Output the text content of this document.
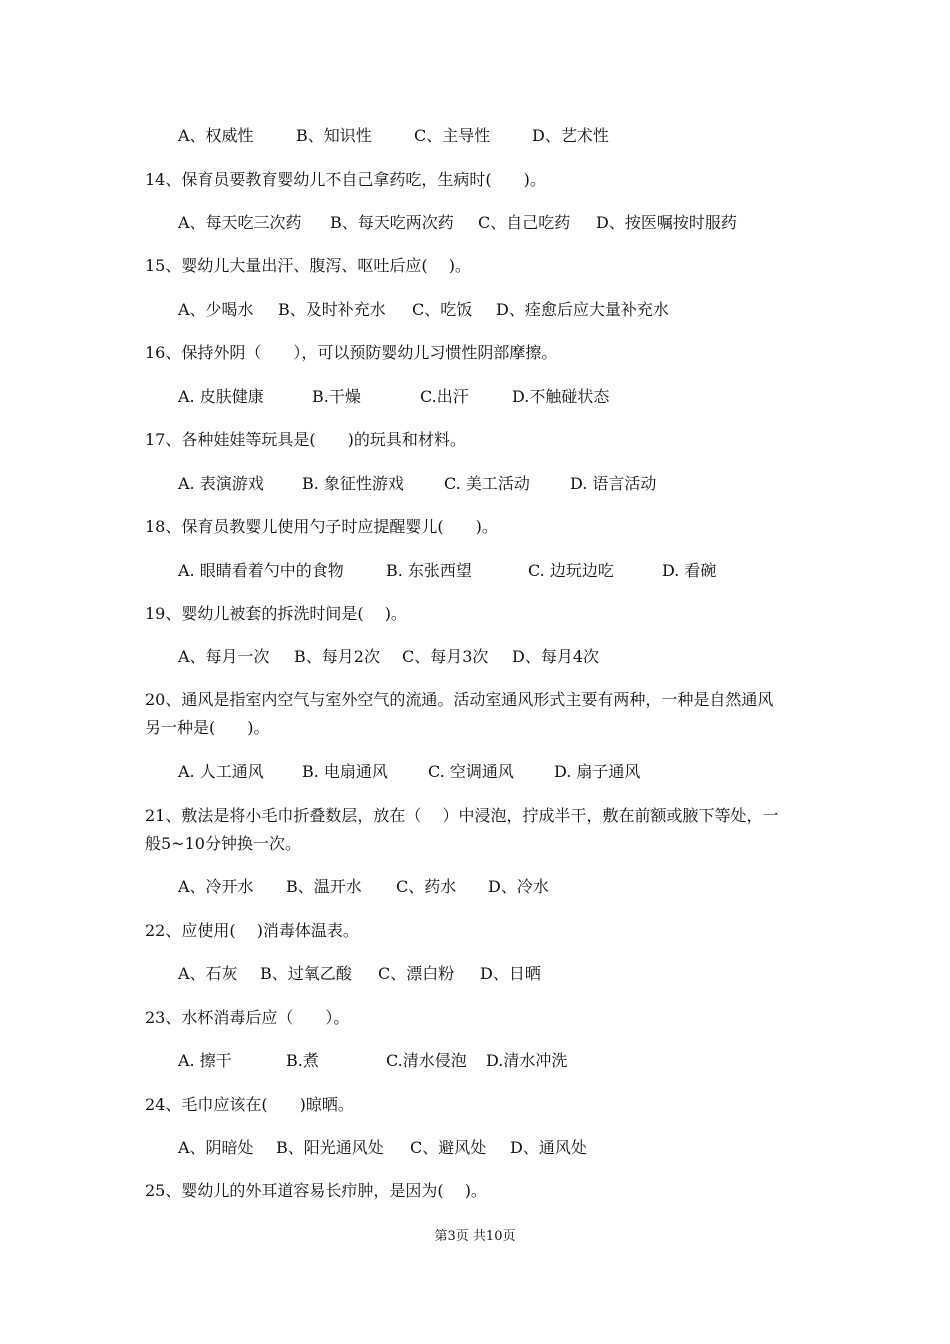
A、权威性	B、知识性	C、主导性	D、艺术性
14、保育员要教育婴幼儿不自己拿药吃，生病时(　　)。
A、每天吃三次药 B、每天吃两次药 C、自己吃药 D、按医嘱按时服药
15、婴幼儿大量出汗、腹泻、呕吐后应(　 )。
A、少喝水 B、及时补充水 C、吃饭 D、痊愈后应大量补充水
16、保持外阴（　　），可以预防婴幼儿习惯性阴部摩擦。
A. 皮肤健康	B.干燥	C.出汗	D.不触碰状态
17、各种娃娃等玩具是(　　)的玩具和材料。
A. 表演游戏 B. 象征性游戏	C. 美工活动	D. 语言活动
18、保育员教婴儿使用勺子时应提醒婴儿(　　)。
A. 眼睛看着勺中的食物	B. 东张西望	C. 边玩边吃	D. 看碗
19、婴幼儿被套的拆洗时间是(　 )。
A、每月一次 B、每月2次 C、每月3次 D、每月4次
20、通风是指室内空气与室外空气的流通。活动室通风形式主要有两种，一种是自然通风
另一种是(　　)。
A. 人工通风 B. 电扇通风	C. 空调通风	D. 扇子通风
21、敷法是将小毛巾折叠数层，放在（　 ）中浸泡，拧成半干，敷在前额或腋下等处，一
般5~10分钟换一次。
A、冷开水 B、温开水 C、药水 D、冷水
22、应使用(　 )消毒体温表。
A、石灰 B、过氧乙酸 C、漂白粉 D、日晒
23、水杯消毒后应（　　）。
A. 擦干	B.煮	C.清水侵泡 D.清水冲洗
24、毛巾应该在(　　)晾晒。
A、阴暗处 B、阳光通风处 C、避风处 D、通风处
25、婴幼儿的外耳道容易长疖肿，是因为(　 )。
第3页 共10页
